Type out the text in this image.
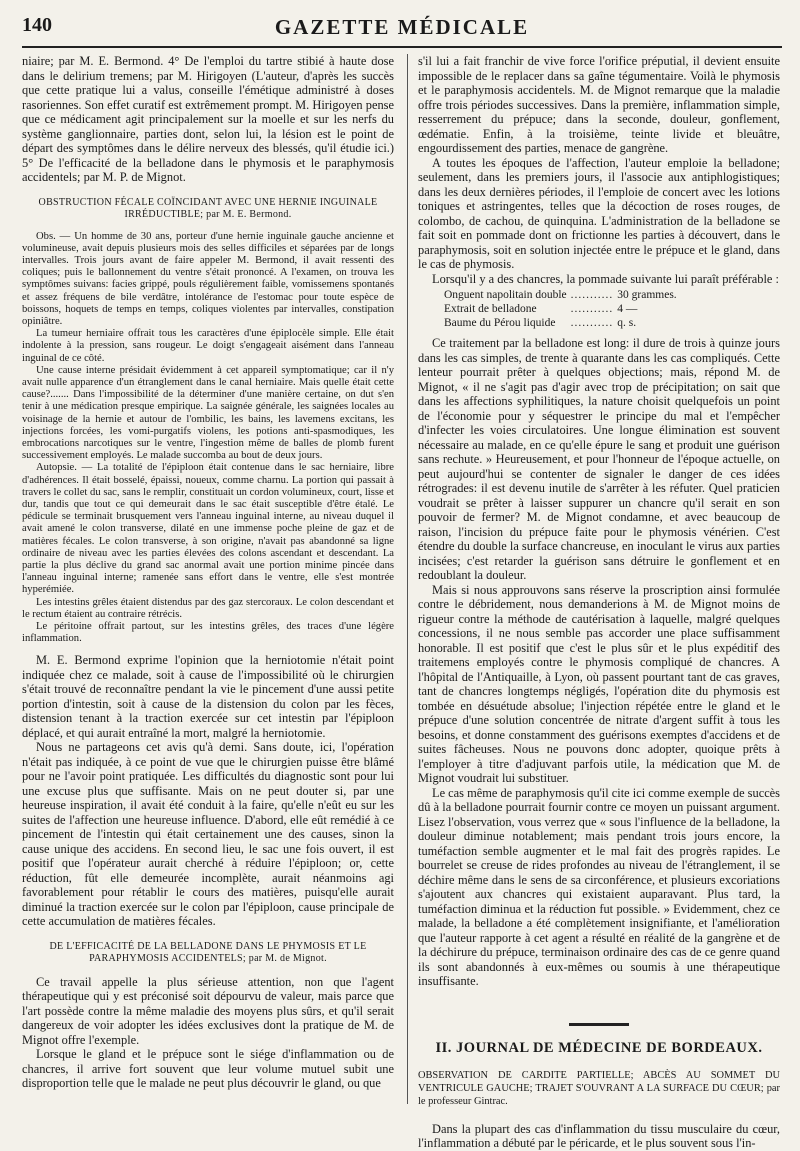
140	GAZETTE MÉDICALE

niaire; par M. E. Bermond. 4° De l'emploi du tartre stibié à haute dose dans le delirium tremens; par M. Hirigoyen (L'auteur, d'après les succès que cette pratique lui a valus, conseille l'émétique administré à doses rasoriennes. Son effet curatif est extrêmement prompt. M. Hirigoyen pense que ce médicament agit principalement sur la moelle et sur les nerfs du système ganglionnaire, parties dont, selon lui, la lésion est le point de départ des symptômes dans le délire nerveux des blessés, qu'il étudie ici.) 5° De l'efficacité de la belladone dans le phymosis et le paraphymosis accidentels; par M. P. de Mignot.

OBSTRUCTION FÉCALE COÏNCIDANT AVEC UNE HERNIE INGUINALE IRRÉDUCTIBLE; par M. E. Bermond.

Obs. — Un homme de 30 ans, porteur d'une hernie inguinale gauche ancienne et volumineuse, avait depuis plusieurs mois des selles difficiles et séparées par de longs intervalles. Trois jours avant de faire appeler M. Bermond, il avait ressenti des coliques; puis le ballonnement du ventre s'était prononcé. A l'examen, on trouva les symptômes suivans: facies grippé, pouls régulièrement faible, vomissemens spontanés et assez fréquens de bile verdâtre, intolérance de l'estomac pour toute espèce de boissons, hoquets de temps en temps, coliques violentes par intervalles, constipation opiniâtre.

La tumeur herniaire offrait tous les caractères d'une épiplocèle simple. Elle était indolente à la pression, sans rougeur. Le doigt s'engageait aisément dans l'anneau inguinal de ce côté.

Une cause interne présidait évidemment à cet appareil symptomatique; car il n'y avait nulle apparence d'un étranglement dans le canal herniaire. Mais quelle était cette cause?....... Dans l'impossibilité de la déterminer d'une manière certaine, on dut s'en tenir à une médication presque empirique. La saignée générale, les saignées locales au voisinage de la hernie et autour de l'ombilic, les bains, les lavemens excitans, les injections forcées, les vomi-purgatifs violens, les potions anti-spasmodiques, les embrocations narcotiques sur le ventre, l'ingestion même de balles de plomb furent successivement employés. Le malade succomba au bout de deux jours.

Autopsie. — La totalité de l'épiploon était contenue dans le sac herniaire, libre d'adhérences. Il était bosselé, épaissi, noueux, comme charnu. La portion qui passait à travers le collet du sac, sans le remplir, constituait un cordon volumineux, court, lisse et dur, tandis que tout ce qui demeurait dans le sac était susceptible d'être étalé. Le pédicule se terminait brusquement vers l'anneau inguinal interne, au niveau duquel il avait amené le colon transverse, dilaté en une immense poche pleine de gaz et de matières fécales. Le colon transverse, à son origine, n'avait pas abandonné sa ligne ordinaire de niveau avec les parties élevées des colons ascendant et descendant. La partie la plus déclive du grand sac anormal avait une portion minime pincée dans l'anneau inguinal interne; ramenée sans effort dans le ventre, elle s'est montrée hyperémiée.

Les intestins grêles étaient distendus par des gaz stercoraux. Le colon descendant et le rectum étaient au contraire rétrécis.

Le péritoine offrait partout, sur les intestins grêles, des traces d'une légère inflammation.

M. E. Bermond exprime l'opinion que la herniotomie n'était point indiquée chez ce malade, soit à cause de l'impossibilité où le chirurgien s'était trouvé de reconnaître pendant la vie le pincement d'une aussi petite portion d'intestin, soit à cause de la distension du colon par les fèces, distension tenant à la traction exercée sur cet intestin par l'épiploon déplacé, et qui aurait entraîné la mort, malgré la herniotomie.

Nous ne partageons cet avis qu'à demi. Sans doute, ici, l'opération n'était pas indiquée, à ce point de vue que le chirurgien puisse être blâmé pour ne l'avoir point pratiquée. Les difficultés du diagnostic sont pour lui une excuse plus que suffisante. Mais on ne peut douter si, par une heureuse inspiration, il avait été conduit à la faire, qu'elle n'eût eu sur les suites de l'affection une heureuse influence. D'abord, elle eût remédié à ce pincement de l'intestin qui était certainement une des causes, sinon la cause unique des accidens. En second lieu, le sac une fois ouvert, il est positif que l'opérateur aurait cherché à réduire l'épiploon; or, cette réduction, fût elle demeurée incomplète, aurait néanmoins agi favorablement pour rétablir le cours des matières, puisqu'elle aurait diminué la traction exercée sur le colon par l'épiploon, cause principale de cette accumulation de matières fécales.

DE L'EFFICACITÉ DE LA BELLADONE DANS LE PHYMOSIS ET LE PARAPHYMOSIS ACCIDENTELS; par M. de Mignot.

Ce travail appelle la plus sérieuse attention, non que l'agent thérapeutique qui y est préconisé soit dépourvu de valeur, mais parce que l'art possède contre la même maladie des moyens plus sûrs, et qu'il serait dangereux de voir adopter les idées exclusives dont la pratique de M. de Mignot offre l'exemple.

Lorsque le gland et le prépuce sont le siége d'inflammation ou de chancres, il arrive fort souvent que leur volume mutuel subit une disproportion telle que le malade ne peut plus découvrir le gland, ou que

s'il lui a fait franchir de vive force l'orifice préputial, il devient ensuite impossible de le replacer dans sa gaîne tégumentaire. Voilà le phymosis et le paraphymosis accidentels. M. de Mignot remarque que la maladie offre trois périodes successives. Dans la première, inflammation simple, resserrement du prépuce; dans la seconde, douleur, gonflement, œdématie. Enfin, à la troisième, teinte livide et bleuâtre, engourdissement des parties, menace de gangrène.

A toutes les époques de l'affection, l'auteur emploie la belladone; seulement, dans les premiers jours, il l'associe aux antiphlogistiques; dans les deux dernières périodes, il l'emploie de concert avec les lotions toniques et astringentes, telles que la décoction de roses rouges, de colombo, de cachou, de quinquina. L'administration de la belladone se fait soit en pommade dont on frictionne les parties à découvert, dans le paraphymosis, soit en solution injectée entre le prépuce et le gland, dans le cas de phymosis.

Lorsqu'il y a des chancres, la pommade suivante lui paraît préférable :

Onguent napolitain double	...........	30 grammes.
Extrait de belladone	...........	4 —
Baume du Pérou liquide	...........	q. s.

Ce traitement par la belladone est long: il dure de trois à quinze jours dans les cas simples, de trente à quarante dans les cas compliqués. Cette lenteur pourrait prêter à quelques objections; mais, répond M. de Mignot, « il ne s'agit pas d'agir avec trop de précipitation; on sait que dans les affections syphilitiques, la nature choisit quelquefois un point de l'économie pour y séquestrer le principe du mal et l'empêcher d'infecter les voies circulatoires. Une longue élimination est souvent nécessaire au malade, en ce qu'elle épure le sang et produit une guérison sans rechute. » Heureusement, et pour l'honneur de l'époque actuelle, on peut aujourd'hui se contenter de signaler le danger de ces idées rétrogrades: il est devenu inutile de s'arrêter à les réfuter. Quel praticien voudrait se prêter à laisser suppurer un chancre qu'il serait en son pouvoir de fermer? M. de Mignot condamne, et avec beaucoup de raison, l'incision du prépuce faite pour le phymosis vénérien. C'est étendre du double la surface chancreuse, en inoculant le virus aux parties incisées; c'est retarder la guérison sans détruire le gonflement et en redoublant la douleur.

Mais si nous approuvons sans réserve la proscription ainsi formulée contre le débridement, nous demanderions à M. de Mignot moins de rigueur contre la méthode de cautérisation à laquelle, malgré quelques concessions, il ne nous semble pas accorder une place suffisamment honorable. Il est positif que c'est le plus sûr et le plus expéditif des traitemens employés contre le phymosis compliqué de chancres. A l'hôpital de l'Antiquaille, à Lyon, où passent pourtant tant de cas graves, tant de chancres longtemps négligés, l'opération dite du phymosis est tombée en désuétude absolue; l'injection répétée entre le gland et le prépuce d'une solution concentrée de nitrate d'argent suffit à tous les besoins, et donne constamment des guérisons exemptes d'accidens et de suites fâcheuses. Nous ne pouvons donc adopter, quoique prêts à l'employer à titre d'adjuvant parfois utile, la médication que M. de Mignot voudrait lui substituer.

Le cas même de paraphymosis qu'il cite ici comme exemple de succès dû à la belladone pourrait fournir contre ce moyen un puissant argument. Lisez l'observation, vous verrez que « sous l'influence de la belladone, la douleur diminue notablement; mais pendant trois jours encore, la tuméfaction semble augmenter et le mal fait des progrès rapides. Le bourrelet se creuse de rides profondes au niveau de l'étranglement, il se déchire même dans le sens de sa circonférence, et plusieurs excoriations s'ajoutent aux chancres qui existaient auparavant. Plus tard, la tuméfaction diminua et la réduction fut possible. » Evidemment, chez ce malade, la belladone a été complètement insignifiante, et l'amélioration que l'auteur rapporte à cet agent a résulté en réalité de la gangrène et de la déchirure du prépuce, terminaison ordinaire des cas de ce genre quand ils sont abandonnés à eux-mêmes ou soumis à une thérapeutique insuffisante.

II. JOURNAL DE MÉDECINE DE BORDEAUX.

OBSERVATION DE CARDITE PARTIELLE; ABCÈS AU SOMMET DU VENTRICULE GAUCHE; TRAJET S'OUVRANT A LA SURFACE DU CŒUR; par le professeur Gintrac.

Dans la plupart des cas d'inflammation du tissu musculaire du cœur, l'inflammation a débuté par le péricarde, et le plus souvent sous l'in-
